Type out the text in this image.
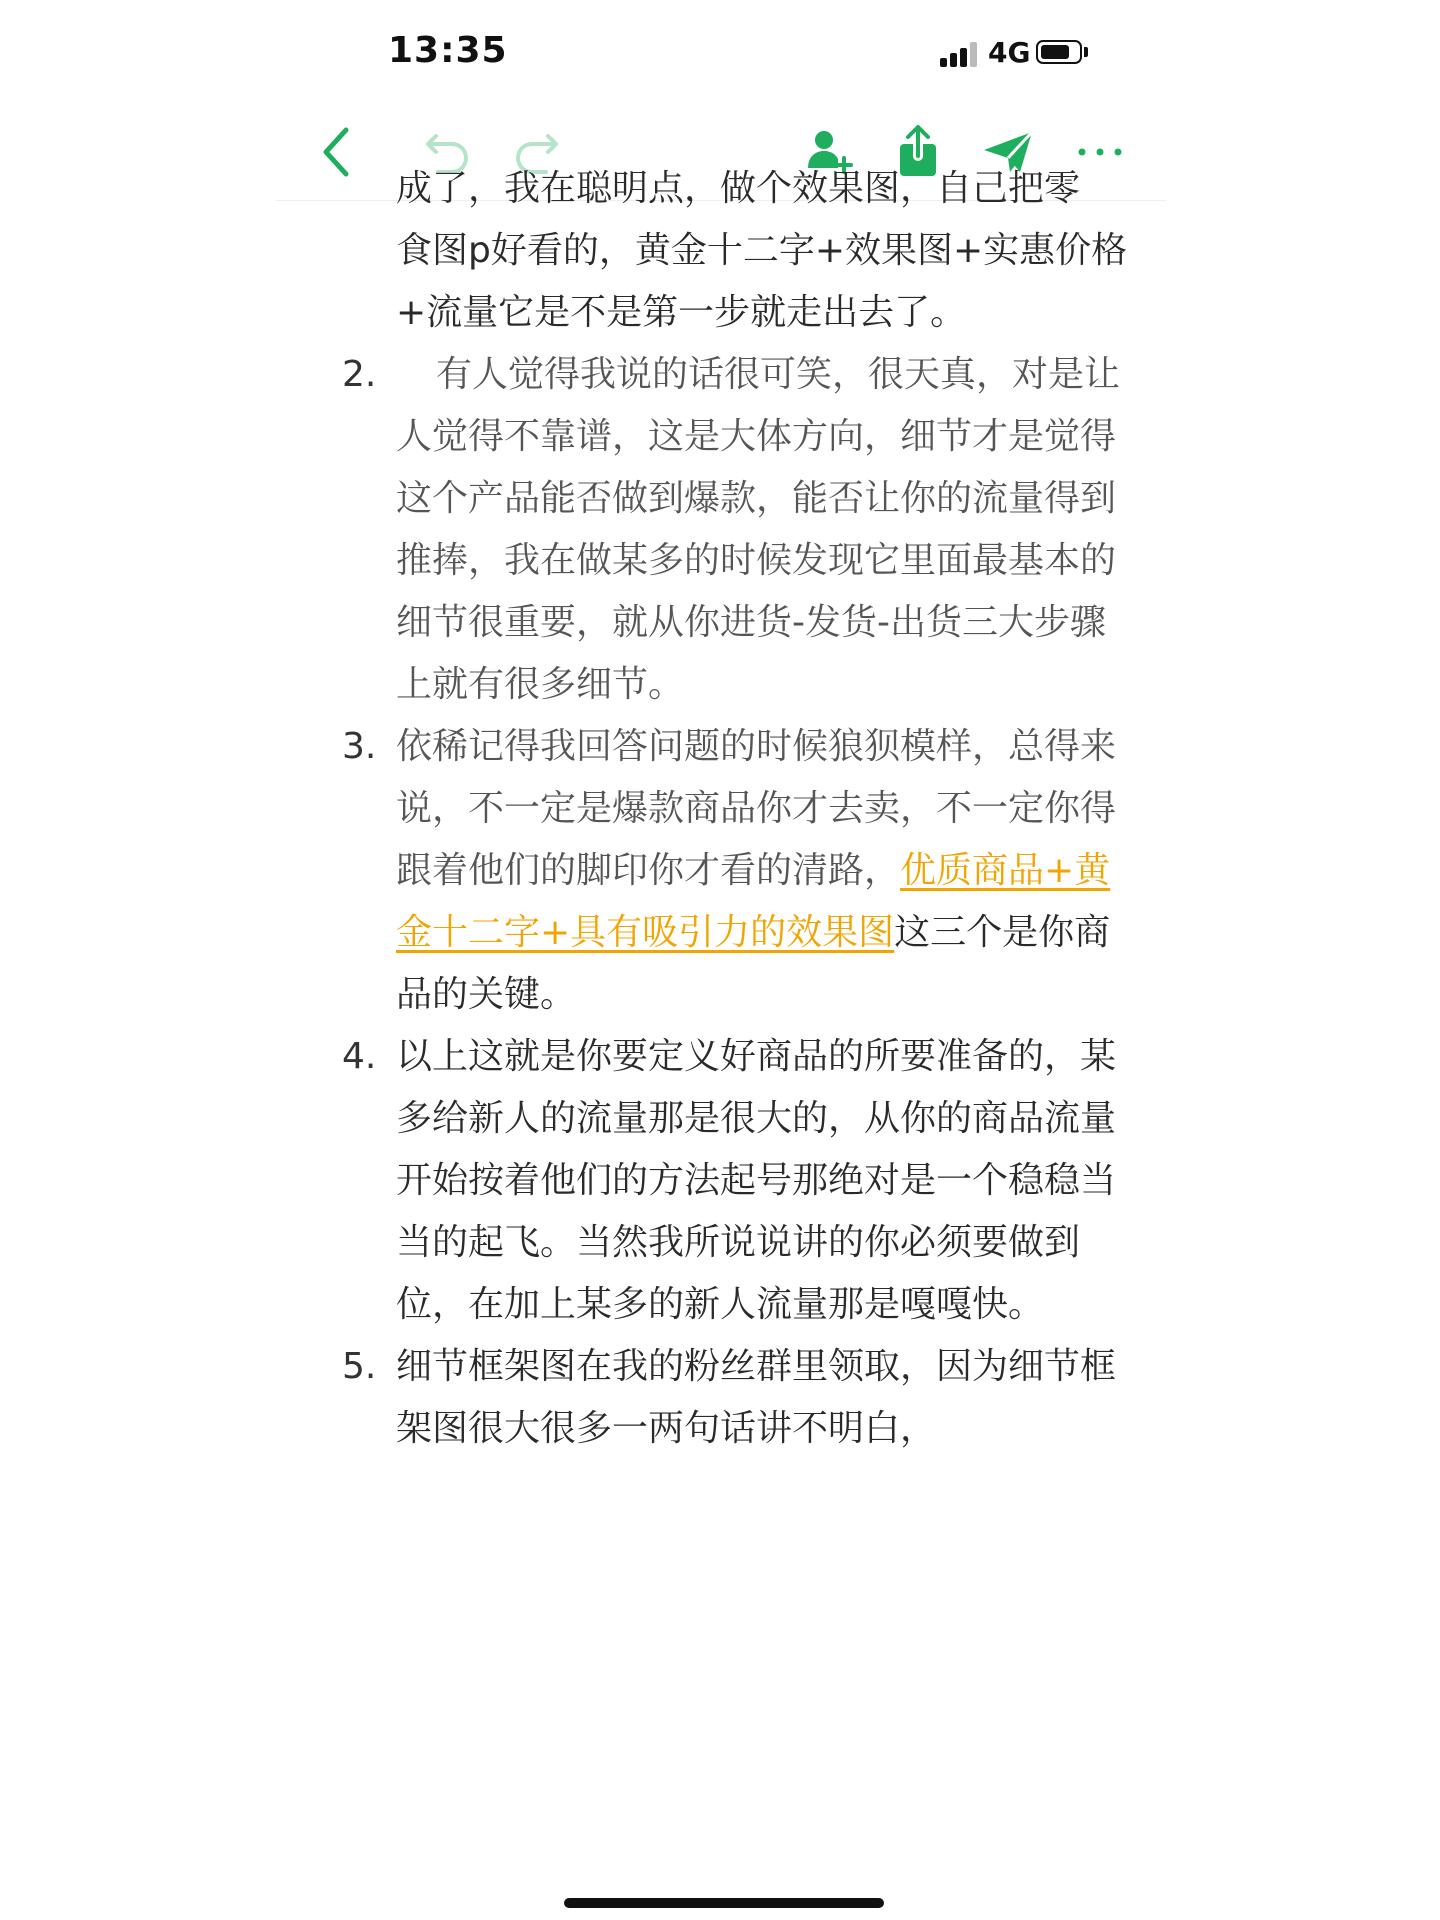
13:35	4G

成了，我在聪明点，做个效果图，自己把零

食图p好看的，黄金十二字+效果图+实惠价格+流量它是不是第一步就走出去了。

2. 有人觉得我说的话很可笑，很天真，对是让人觉得不靠谱，这是大体方向，细节才是觉得这个产品能否做到爆款，能否让你的流量得到推捧，我在做某多的时候发现它里面最基本的细节很重要，就从你进货-发货-出货三大步骤上就有很多细节。

3. 依稀记得我回答问题的时候狼狈模样，总得来说，不一定是爆款商品你才去卖，不一定你得跟着他们的脚印你才看的清路，优质商品+黄金十二字+具有吸引力的效果图这三个是你商品的关键。

4. 以上这就是你要定义好商品的所要准备的，某多给新人的流量那是很大的，从你的商品流量开始按着他们的方法起号那绝对是一个稳稳当当的起飞。当然我所说说讲的你必须要做到位，在加上某多的新人流量那是嘎嘎快。

5. 细节框架图在我的粉丝群里领取，因为细节框架图很大很多一两句话讲不明白，
